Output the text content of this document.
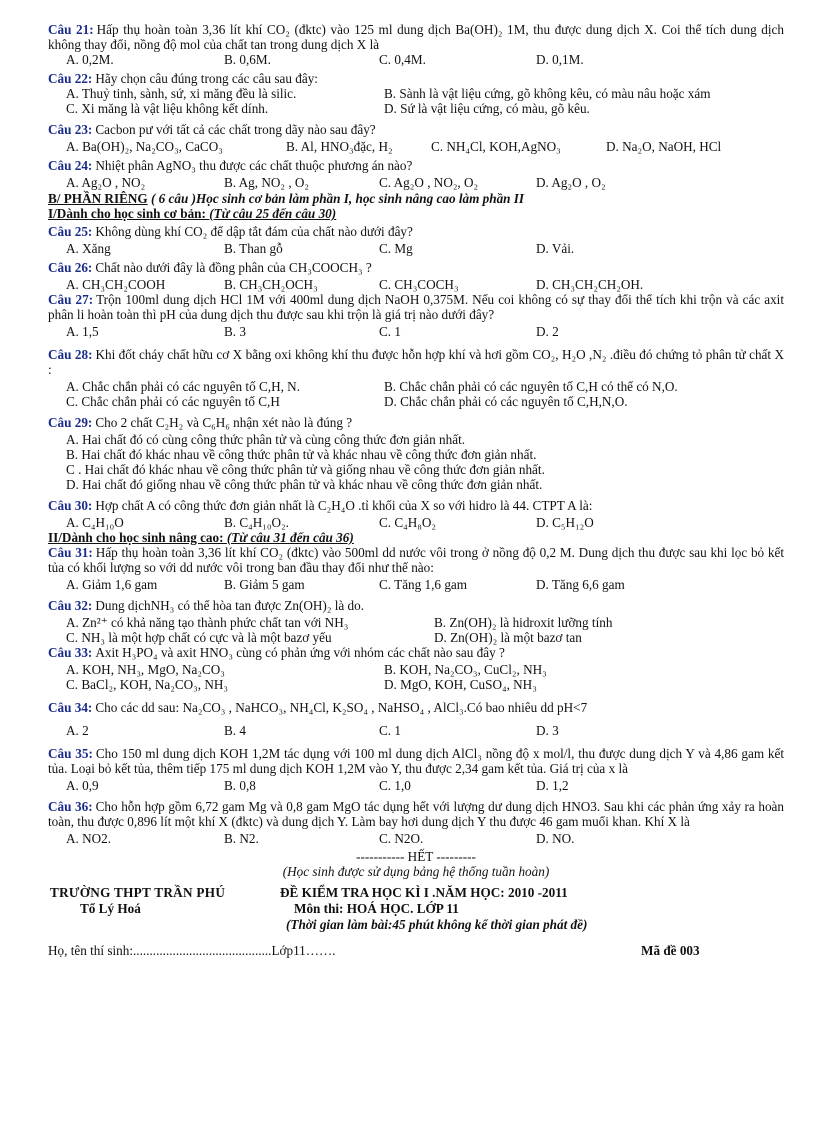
Câu 21: Hấp thụ hoàn toàn 3,36 lít khí CO₂ (đktc) vào 125 ml dung dịch Ba(OH)₂ 1M, thu được dung dịch X. Coi thể tích dung dịch không thay đổi, nồng độ mol của chất tan trong dung dịch X là
A. 0,2M.	B. 0,6M.	C. 0,4M.	D. 0,1M.
Câu 22: Hãy chọn câu đúng trong các câu sau đây:
A. Thuỷ tinh, sành, sứ, xi măng đều là silic.	B. Sành là vật liệu cứng, gõ không kêu, có màu nâu hoặc xám
C. Xi măng là vật liệu không kết dính.	D. Sứ là vật liệu cứng, có màu, gõ kêu.
Câu 23: Cacbon pư với tất cả các chất trong dãy nào sau đây?
A. Ba(OH)₂, Na₂CO₃, CaCO₃	B. Al, HNO₃đặc, H₂	C. NH₄Cl, KOH,AgNO₃	D. Na₂O, NaOH, HCl
Câu 24: Nhiệt phân AgNO₃ thu được các chất thuộc phương án nào?
A. Ag₂O , NO₂	B. Ag, NO₂ , O₂	C. Ag₂O , NO₂, O₂	D. Ag₂O , O₂
B/ PHẦN RIÊNG ( 6 câu )Học sinh cơ bản làm phần I, học sinh nâng cao làm phần II
I/Dành cho học sinh cơ bản: (Từ câu 25 đến câu 30)
Câu 25: Không dùng khí CO₂ để dập tắt đám của chất nào dưới đây?
A. Xăng	B. Than gỗ	C. Mg	D. Vải.
Câu 26: Chất nào dưới đây là đồng phân của CH₃COOCH₃ ?
A. CH₃CH₂COOH	B. CH₃CH₂OCH₃	C. CH₃COCH₃	D. CH₃CH₂CH₂OH.
Câu 27: Trộn 100ml dung dịch HCl 1M với 400ml dung dịch NaOH 0,375M. Nếu coi không có sự thay đổi thể tích khi trộn và các axit phân li hoàn toàn thì pH của dung dịch thu được sau khi trộn là giá trị nào dưới đây?
A. 1,5	B. 3	C. 1	D. 2
Câu 28: Khi đốt cháy chất hữu cơ X bằng oxi không khí thu được hỗn hợp khí và hơi gồm CO₂, H₂O ,N₂ .điều đó chứng tỏ phân tử chất X :
A. Chắc chắn phải có các nguyên tố C,H, N.	B. Chắc chắn phải có các nguyên tố C,H có thể có N,O.
C. Chắc chắn phải có các nguyên tố C,H	D. Chắc chắn phải có các nguyên tố C,H,N,O.
Câu 29: Cho 2 chất C₂H₂ và C₆H₆ nhận xét nào là đúng ?
A. Hai chất đó có cùng công thức phân tử và cùng công thức đơn giản nhất.
B. Hai chất đó khác nhau về công thức phân tử và khác nhau về công thức đơn giản nhất.
C . Hai chất đó khác nhau về công thức phân tử và giống nhau về công thức đơn giản nhất.
D. Hai chất đó giống nhau về công thức phân tử và khác nhau về công thức đơn giản nhất.
Câu 30: Hợp chất A có công thức đơn giản nhất là C₂H₄O .tỉ khối của X so với hidro là 44. CTPT A là:
A. C₄H₁₀O	B. C₄H₁₀O₂.	C. C₄H₈O₂	D. C₅H₁₂O
II/Dành cho học sinh nâng cao: (Từ câu 31 đến câu 36)
Câu 31: Hấp thụ hoàn toàn 3,36 lít khí CO₂ (đktc) vào 500ml dd nước vôi trong ở nồng độ 0,2 M. Dung dịch thu được sau khi lọc bỏ kết tủa có khối lượng so với dd nước vôi trong ban đầu thay đổi như thế nào:
A. Giảm 1,6 gam	B. Giảm 5 gam	C. Tăng 1,6 gam	D. Tăng 6,6 gam
Câu 32: Dung dịchNH₃ có thể hòa tan được Zn(OH)₂ là do.
A. Zn²⁺ có khả năng tạo thành phức chất tan với NH₃	B. Zn(OH)₂ là hidroxit lưỡng tính
C. NH₃ là một hợp chất có cực và là một bazơ yếu	D. Zn(OH)₂ là một bazơ tan
Câu 33: Axit H₃PO₄ và axit HNO₃ cùng có phản ứng với nhóm các chất nào sau đây ?
A. KOH, NH₃, MgO, Na₂CO₃	B. KOH, Na₂CO₃, CuCl₂, NH₃
C. BaCl₂, KOH, Na₂CO₃, NH₃	D. MgO, KOH, CuSO₄, NH₃
Câu 34: Cho các dd sau: Na₂CO₃ , NaHCO₃, NH₄Cl, K₂SO₄ , NaHSO₄ , AlCl₃.Có bao nhiêu dd pH<7
A. 2	B. 4	C. 1	D. 3
Câu 35: Cho 150 ml dung dịch KOH 1,2M tác dụng với 100 ml dung dịch AlCl₃ nồng độ x mol/l, thu được dung dịch Y và 4,86 gam kết tủa. Loại bỏ kết tủa, thêm tiếp 175 ml dung dịch KOH 1,2M vào Y, thu được 2,34 gam kết tủa. Giá trị của x là
A. 0,9	B. 0,8	C. 1,0	D. 1,2
Câu 36: Cho hỗn hợp gồm 6,72 gam Mg và 0,8 gam MgO tác dụng hết với lượng dư dung dịch HNO3. Sau khi các phản ứng xảy ra hoàn toàn, thu được 0,896 lít một khí X (đktc) và dung dịch Y. Làm bay hơi dung dịch Y thu được 46 gam muối khan. Khí X là
A. NO2.	B. N2.	C. N2O.	D. NO.
----------- HẾT ---------
(Học sinh được sử dụng bảng hệ thống tuần hoàn)
TRƯỜNG THPT TRẦN PHÚ
Tổ Lý Hoá
ĐỀ KIỂM TRA HỌC KÌ I .NĂM HỌC: 2010 -2011
Môn thi: HOÁ HỌC. LỚP 11
(Thời gian làm bài:45 phút không kể thời gian phát đề)
Họ, tên thí sinh:..........................................Lớp11…….	Mã đề 003
